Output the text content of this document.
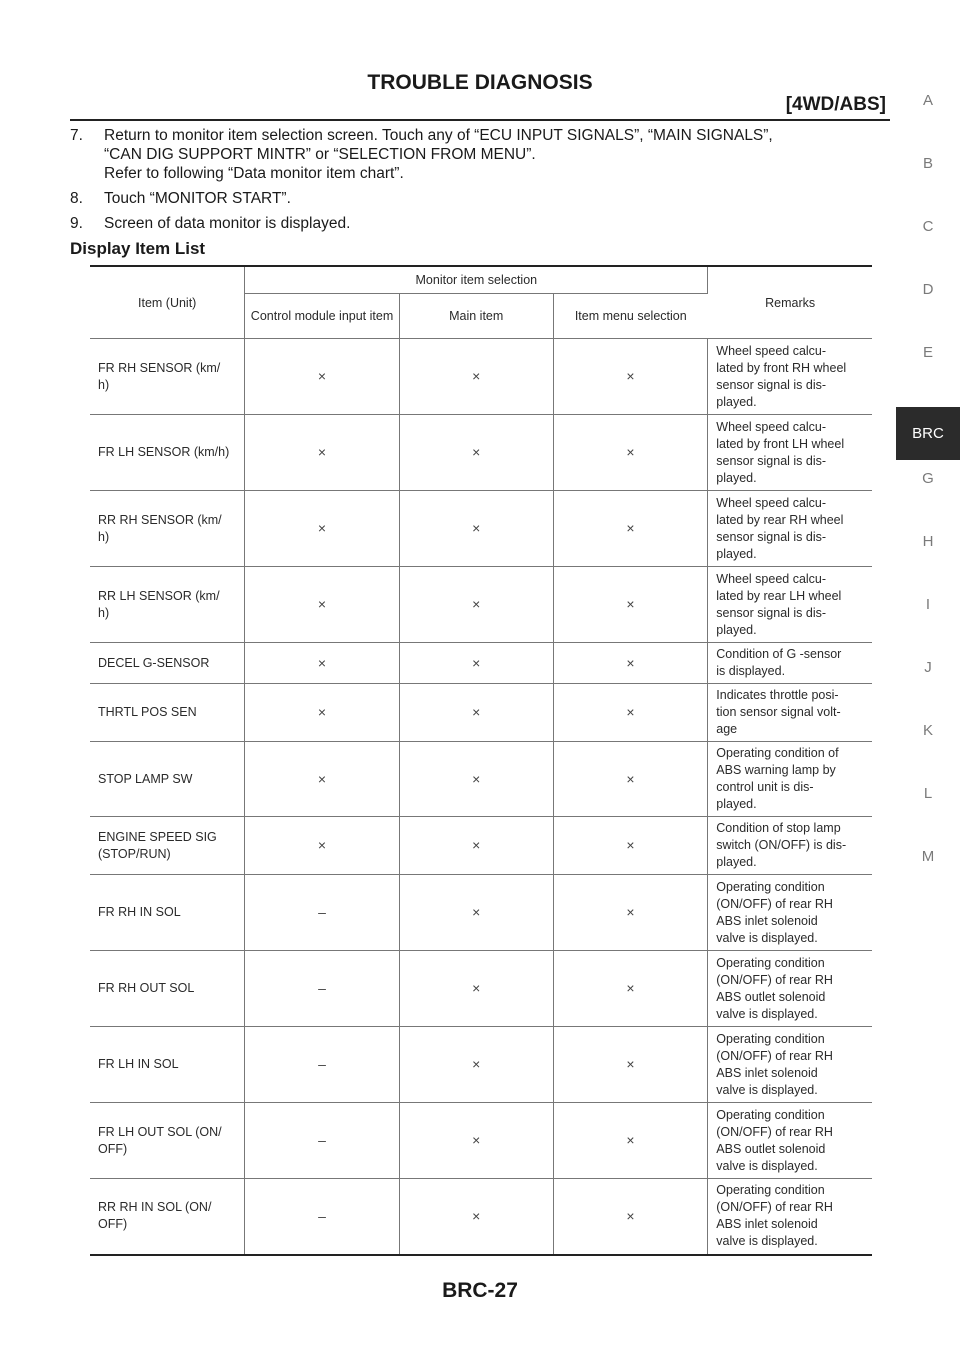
TROUBLE DIAGNOSIS
[4WD/ABS]	A
B
C
D
E
BRC
G
H
I
J
K
L
M
7.	Return to monitor item selection screen. Touch any of “ECU INPUT SIGNALS”, “MAIN SIGNALS”,
“CAN DIG SUPPORT MINTR” or “SELECTION FROM MENU”.
Refer to following “Data monitor item chart”.
8.	Touch “MONITOR START”.
9.	Screen of data monitor is displayed.
Display Item List
Item (Unit)	Monitor item selection			Remarks
	Control module input item	Main item	Item menu selection	

FR RH SENSOR (km/
h)	×	×	×	Wheel speed calcu-
lated by front RH wheel
sensor signal is dis-
played.

FR LH SENSOR (km/h)	×	×	×	Wheel speed calcu-
lated by front LH wheel
sensor signal is dis-
played.

RR RH SENSOR (km/
h)	×	×	×	Wheel speed calcu-
lated by rear RH wheel
sensor signal is dis-
played.

RR LH SENSOR (km/
h)	×	×	×	Wheel speed calcu-
lated by rear LH wheel
sensor signal is dis-
played.

DECEL G-SENSOR	×	×	×	Condition of G -sensor
is displayed.

THRTL POS SEN	×	×	×	Indicates throttle posi-
tion sensor signal volt-
age

STOP LAMP SW	×	×	×	Operating condition of
ABS warning lamp by
control unit is dis-
played.

ENGINE SPEED SIG
(STOP/RUN)	×	×	×	Condition of stop lamp
switch (ON/OFF) is dis-
played.

FR RH IN SOL	–	×	×	Operating condition
(ON/OFF) of rear RH
ABS inlet solenoid
valve is displayed.

FR RH OUT SOL	–	×	×	Operating condition
(ON/OFF) of rear RH
ABS outlet solenoid
valve is displayed.

FR LH IN SOL	–	×	×	Operating condition
(ON/OFF) of rear RH
ABS inlet solenoid
valve is displayed.

FR LH OUT SOL (ON/
OFF)	–	×	×	Operating condition
(ON/OFF) of rear RH
ABS outlet solenoid
valve is displayed.

RR RH IN SOL (ON/
OFF)	–	×	×	Operating condition
(ON/OFF) of rear RH
ABS inlet solenoid
valve is displayed.
BRC-27
